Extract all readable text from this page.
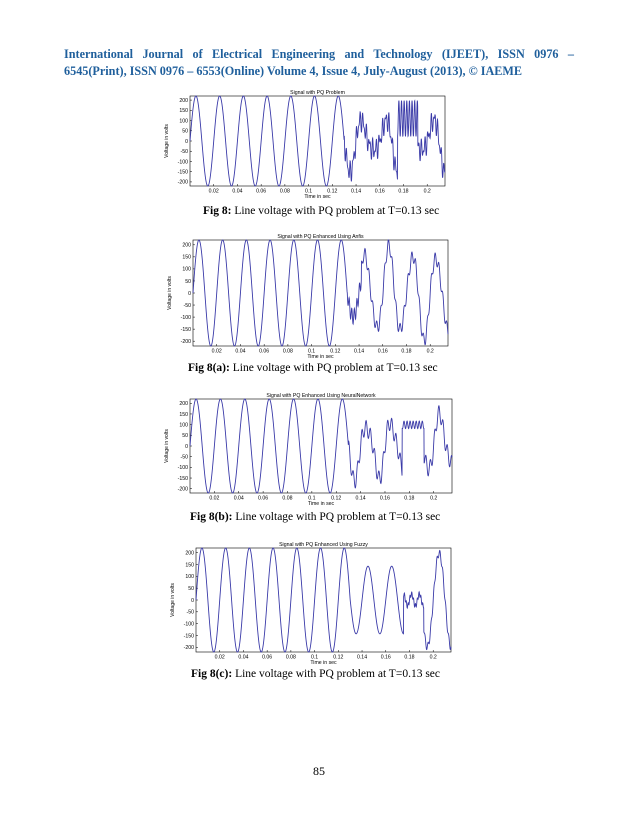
International Journal of Electrical Engineering and Technology (IJEET), ISSN 0976 –
6545(Print), ISSN 0976 – 6553(Online) Volume 4, Issue 4, July-August (2013), © IAEME
Signal with PQ Problem
200
150
100
50
0
-50
-100
-150
-200
0.02	0.04	0.06	0.08	0.1	0.12	0.14	0.16	0.18	0.2
Time in sec
Voltage in volts
Fig 8: Line voltage with PQ problem at T=0.13 sec
Signal with PQ Enhanced Using Anfis
200
150
100
50
0
-50
-100
-150
-200
0.02	0.04	0.06	0.08	0.1	0.12	0.14	0.16	0.18	0.2
Time in sec
Voltage in volts
Fig 8(a): Line voltage with PQ problem at T=0.13 sec
Signal with PQ Enhanced Using NeuralNetwork
200
150
100
50
0
-50
-100
-150
-200
0.02	0.04	0.06	0.08	0.1	0.12	0.14	0.16	0.18	0.2
Time in sec
Voltage in volts
Fig 8(b): Line voltage with PQ problem at T=0.13 sec
Signal with PQ Enhanced Using Fuzzy
200
150
100
50
0
-50
-100
-150
-200
0.02	0.04	0.06	0.08	0.1	0.12	0.14	0.16	0.18	0.2
Time in sec
Voltage in volts
Fig 8(c): Line voltage with PQ problem at T=0.13 sec
85
